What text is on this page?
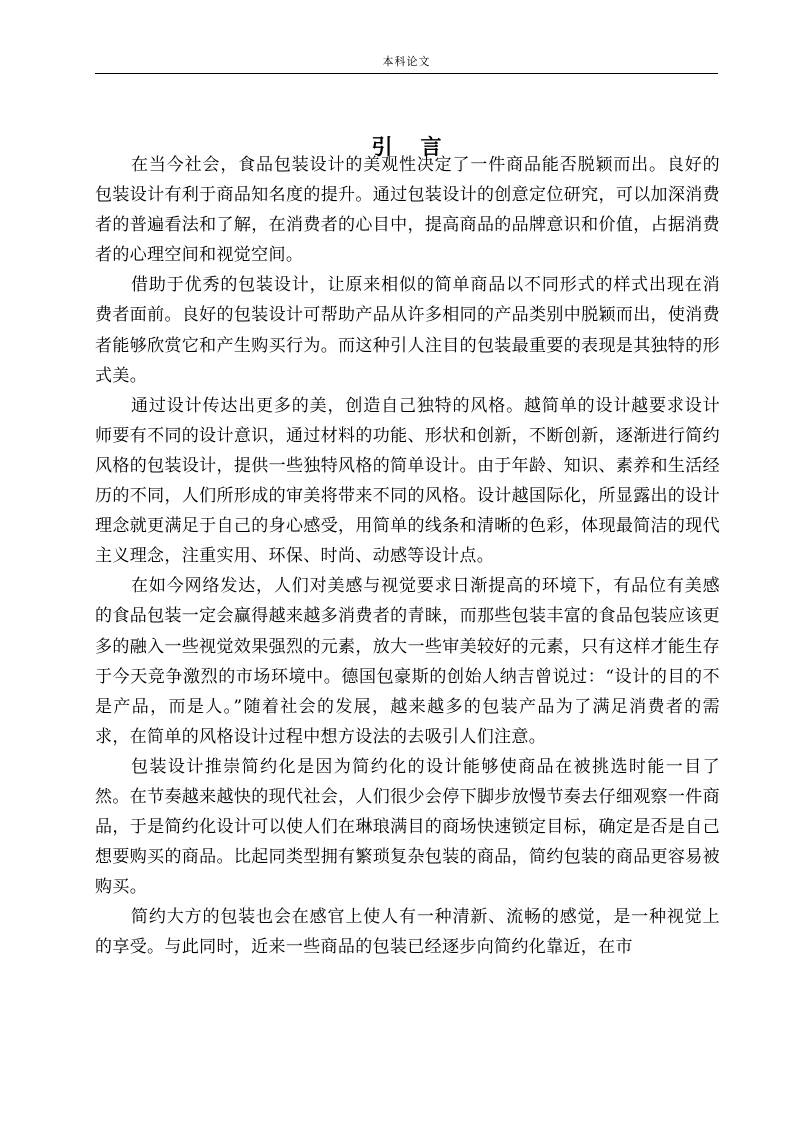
本科论文
引言

在当今社会，食品包装设计的美观性决定了一件商品能否脱颖而出。良好的包装设计有利于商品知名度的提升。通过包装设计的创意定位研究，可以加深消费者的普遍看法和了解，在消费者的心目中，提高商品的品牌意识和价值，占据消费者的心理空间和视觉空间。

借助于优秀的包装设计，让原来相似的简单商品以不同形式的样式出现在消费者面前。良好的包装设计可帮助产品从许多相同的产品类别中脱颖而出，使消费者能够欣赏它和产生购买行为。而这种引人注目的包装最重要的表现是其独特的形式美。

通过设计传达出更多的美，创造自己独特的风格。越简单的设计越要求设计师要有不同的设计意识，通过材料的功能、形状和创新，不断创新，逐渐进行简约风格的包装设计，提供一些独特风格的简单设计。由于年龄、知识、素养和生活经历的不同，人们所形成的审美将带来不同的风格。设计越国际化，所显露出的设计理念就更满足于自己的身心感受，用简单的线条和清晰的色彩，体现最简洁的现代主义理念，注重实用、环保、时尚、动感等设计点。

在如今网络发达，人们对美感与视觉要求日渐提高的环境下，有品位有美感的食品包装一定会赢得越来越多消费者的青睐，而那些包装丰富的食品包装应该更多的融入一些视觉效果强烈的元素，放大一些审美较好的元素，只有这样才能生存于今天竞争激烈的市场环境中。德国包豪斯的创始人纳吉曾说过：“设计的目的不是产品，而是人。”随着社会的发展，越来越多的包装产品为了满足消费者的需求，在简单的风格设计过程中想方设法的去吸引人们注意。

包装设计推崇简约化是因为简约化的设计能够使商品在被挑选时能一目了然。在节奏越来越快的现代社会，人们很少会停下脚步放慢节奏去仔细观察一件商品，于是简约化设计可以使人们在琳琅满目的商场快速锁定目标，确定是否是自己想要购买的商品。比起同类型拥有繁琐复杂包装的商品，简约包装的商品更容易被购买。

简约大方的包装也会在感官上使人有一种清新、流畅的感觉，是一种视觉上的享受。与此同时，近来一些商品的包装已经逐步向简约化靠近，在市
